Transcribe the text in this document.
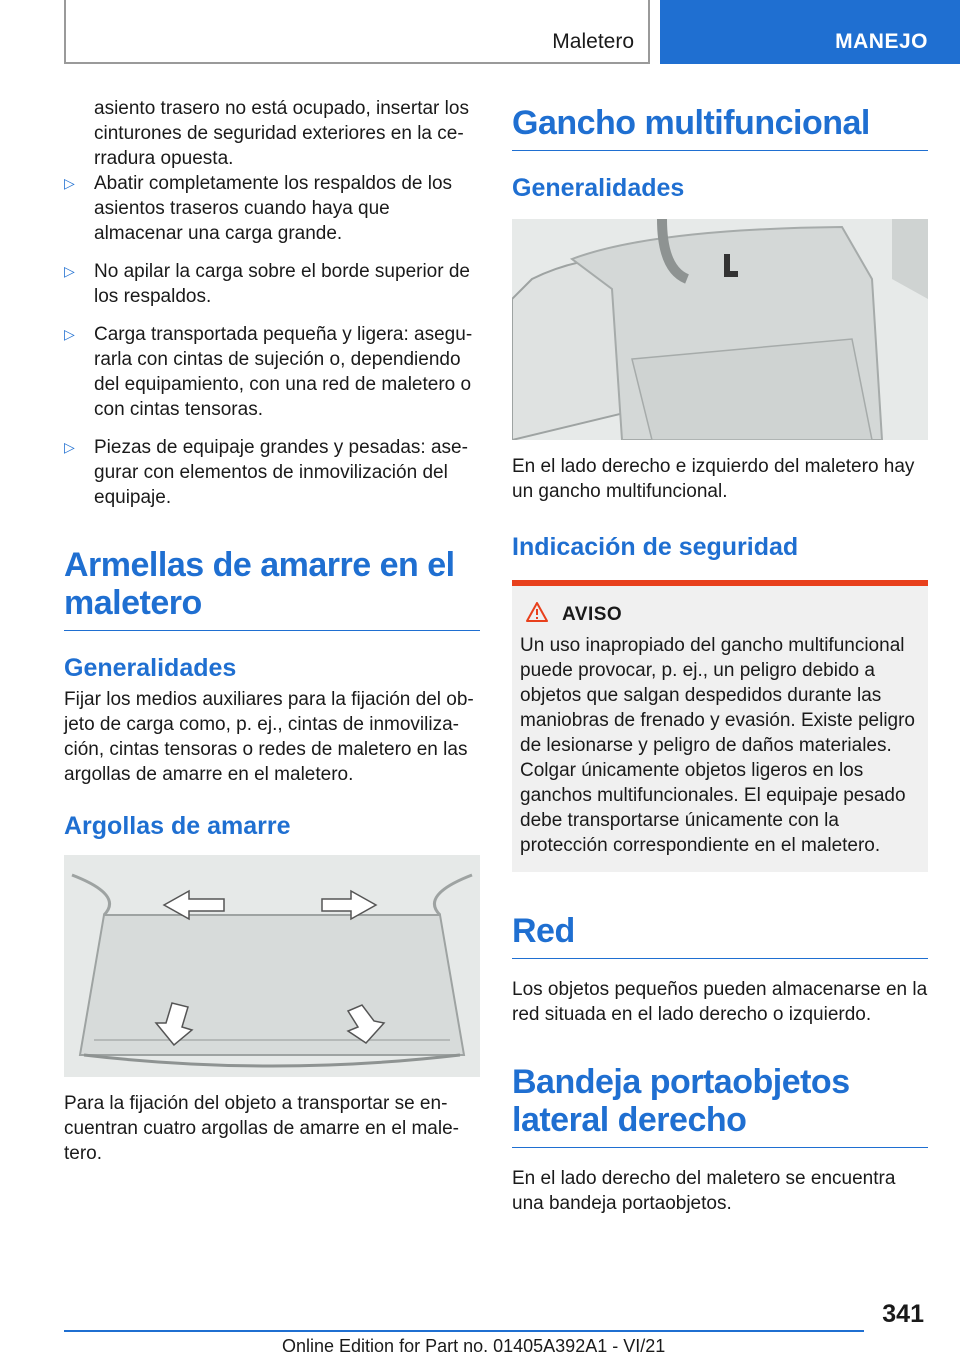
Maletero	MANEJO

asiento trasero no está ocupado, insertar los cinturones de seguridad exteriores en la cerradura opuesta.

▷	Abatir completamente los respaldos de los asientos traseros cuando haya que almacenar una carga grande.
▷	No apilar la carga sobre el borde superior de los respaldos.
▷	Carga transportada pequeña y ligera: asegurarla con cintas de sujeción o, dependiendo del equipamiento, con una red de maletero o con cintas tensoras.
▷	Piezas de equipaje grandes y pesadas: asegurar con elementos de inmovilización del equipaje.
Armellas de amarre en el maletero
Generalidades

Fijar los medios auxiliares para la fijación del objeto de carga como, p. ej., cintas de inmovilización, cintas tensoras o redes de maletero en las argollas de amarre en el maletero.

Argollas de amarre

Para la fijación del objeto a transportar se encuentran cuatro argollas de amarre en el maletero.

Gancho multifuncional
Generalidades

En el lado derecho e izquierdo del maletero hay un gancho multifuncional.

Indicación de seguridad
AVISO
Un uso inapropiado del gancho multifuncional puede provocar, p. ej., un peligro debido a objetos que salgan despedidos durante las maniobras de frenado y evasión. Existe peligro de lesionarse y peligro de daños materiales. Colgar únicamente objetos ligeros en los ganchos multifuncionales. El equipaje pesado debe transportarse únicamente con la protección correspondiente en el maletero.
Red

Los objetos pequeños pueden almacenarse en la red situada en el lado derecho o izquierdo.

Bandeja portaobjetos lateral derecho

En el lado derecho del maletero se encuentra una bandeja portaobjetos.

341
Online Edition for Part no. 01405A392A1 - VI/21
